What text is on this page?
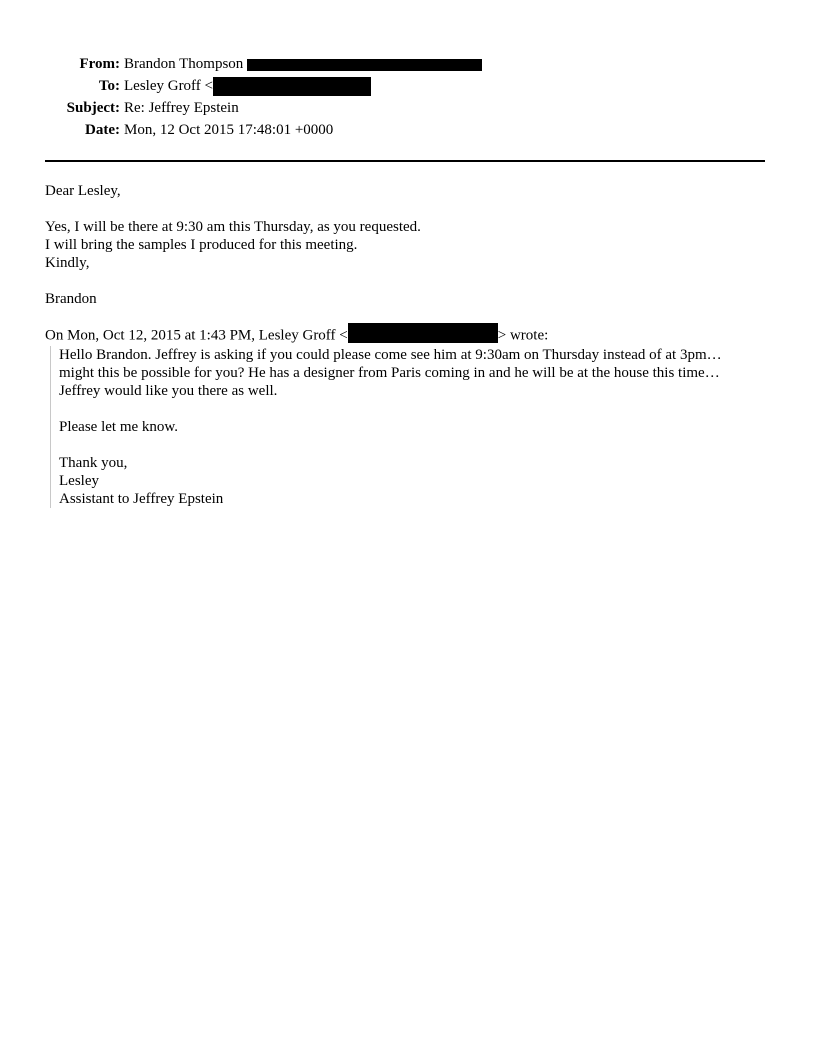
From: Brandon Thompson
To: Lesley Groff <
Subject: Re: Jeffrey Epstein
Date: Mon, 12 Oct 2015 17:48:01 +0000

Dear Lesley,

Yes, I will be there at 9:30 am this Thursday, as you requested.

I will bring the samples I produced for this meeting.

Kindly,

Brandon

On Mon, Oct 12, 2015 at 1:43 PM, Lesley Groff <	> wrote:

Hello Brandon. Jeffrey is asking if you could please come see him at 9:30am on Thursday instead of at 3pm…

might this be possible for you? He has a designer from Paris coming in and he will be at the house this time…

Jeffrey would like you there as well.

Please let me know.

Thank you,

Lesley

Assistant to Jeffrey Epstein
